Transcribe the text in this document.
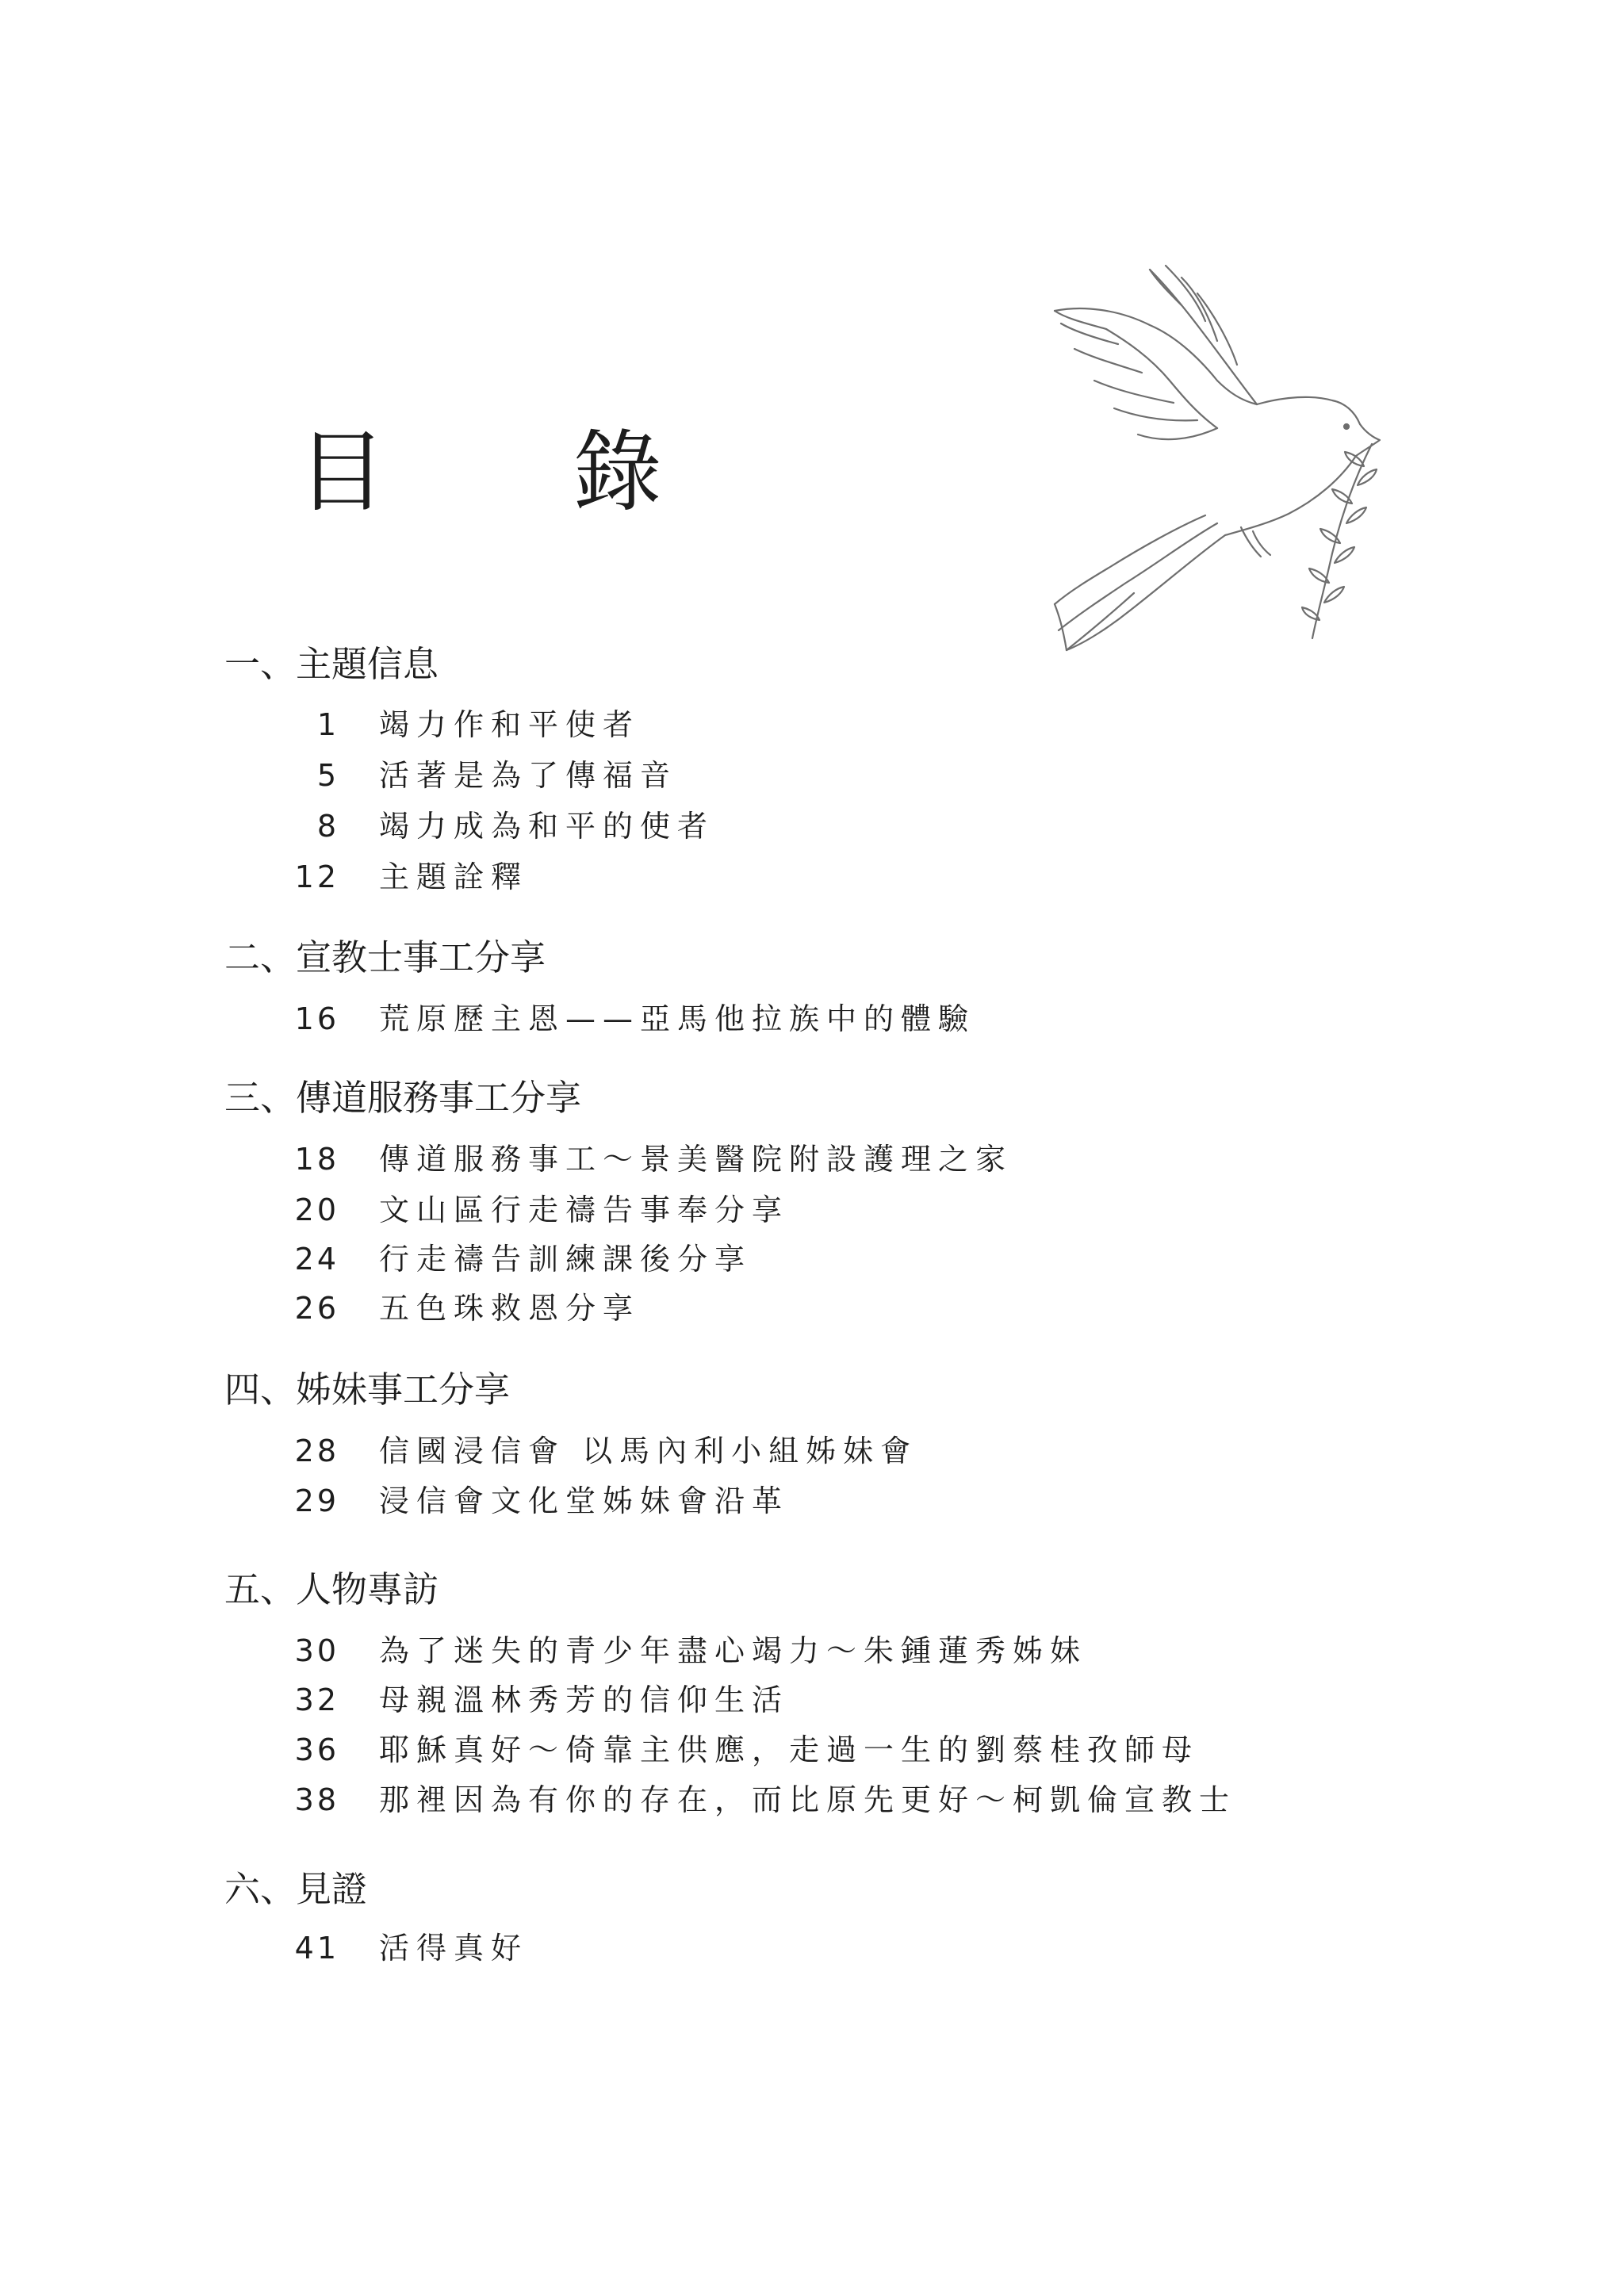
目 錄
一、主題信息
1 竭力作和平使者
5 活著是為了傳福音
8 竭力成為和平的使者
12 主題詮釋
二、宣教士事工分享
16 荒原歷主恩——亞馬他拉族中的體驗
三、傳道服務事工分享
18 傳道服務事工～景美醫院附設護理之家
20 文山區行走禱告事奉分享
24 行走禱告訓練課後分享
26 五色珠救恩分享
四、姊妹事工分享
28 信國浸信會 以馬內利小組姊妹會
29 浸信會文化堂姊妹會沿革
五、人物專訪
30 為了迷失的青少年盡心竭力～朱鍾蓮秀姊妹
32 母親溫林秀芳的信仰生活
36 耶穌真好～倚靠主供應，走過一生的劉蔡桂孜師母
38 那裡因為有你的存在，而比原先更好～柯凱倫宣教士
六、見證
41 活得真好
